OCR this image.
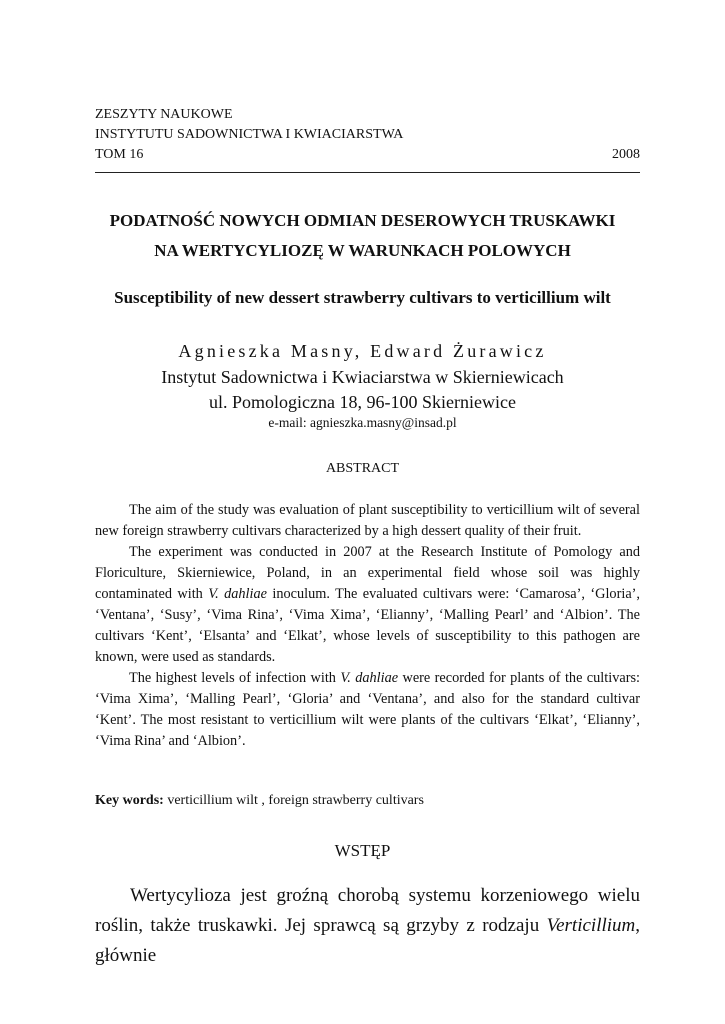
ZESZYTY NAUKOWE
INSTYTUTU SADOWNICTWA I KWIACIARSTWA
TOM 16	2008
PODATNOŚĆ NOWYCH ODMIAN DESEROWYCH TRUSKAWKI
NA WERTYCYLIOZĘ W WARUNKACH POLOWYCH
Susceptibility of new dessert strawberry cultivars to verticillium wilt
Agnieszka Masny, Edward Żurawicz
Instytut Sadownictwa i Kwiaciarstwa w Skierniewicach
ul. Pomologiczna 18, 96-100 Skierniewice
e-mail: agnieszka.masny@insad.pl
ABSTRACT

The aim of the study was evaluation of plant susceptibility to verticillium wilt of several new foreign strawberry cultivars characterized by a high dessert quality of their fruit.

The experiment was conducted in 2007 at the Research Institute of Pomology and Floriculture, Skierniewice, Poland, in an experimental field whose soil was highly contaminated with V. dahliae inoculum. The evaluated cultivars were: ‘Camarosa’, ‘Gloria’, ‘Ventana’, ‘Susy’, ‘Vima Rina’, ‘Vima Xima’, ‘Elianny’, ‘Malling Pearl’ and ‘Albion’. The cultivars ‘Kent’, ‘Elsanta’ and ‘Elkat’, whose levels of susceptibility to this pathogen are known, were used as standards.

The highest levels of infection with V. dahliae were recorded for plants of the cultivars: ‘Vima Xima’, ‘Malling Pearl’, ‘Gloria’ and ‘Ventana’, and also for the standard cultivar ‘Kent’. The most resistant to verticillium wilt were plants of the cultivars ‘Elkat’, ‘Elianny’, ‘Vima Rina’ and ‘Albion’.

Key words: verticillium wilt , foreign strawberry cultivars
WSTĘP

Wertycylioza jest groźną chorobą systemu korzeniowego wielu roślin, także truskawki. Jej sprawcą są grzyby z rodzaju Verticillium, głównie
